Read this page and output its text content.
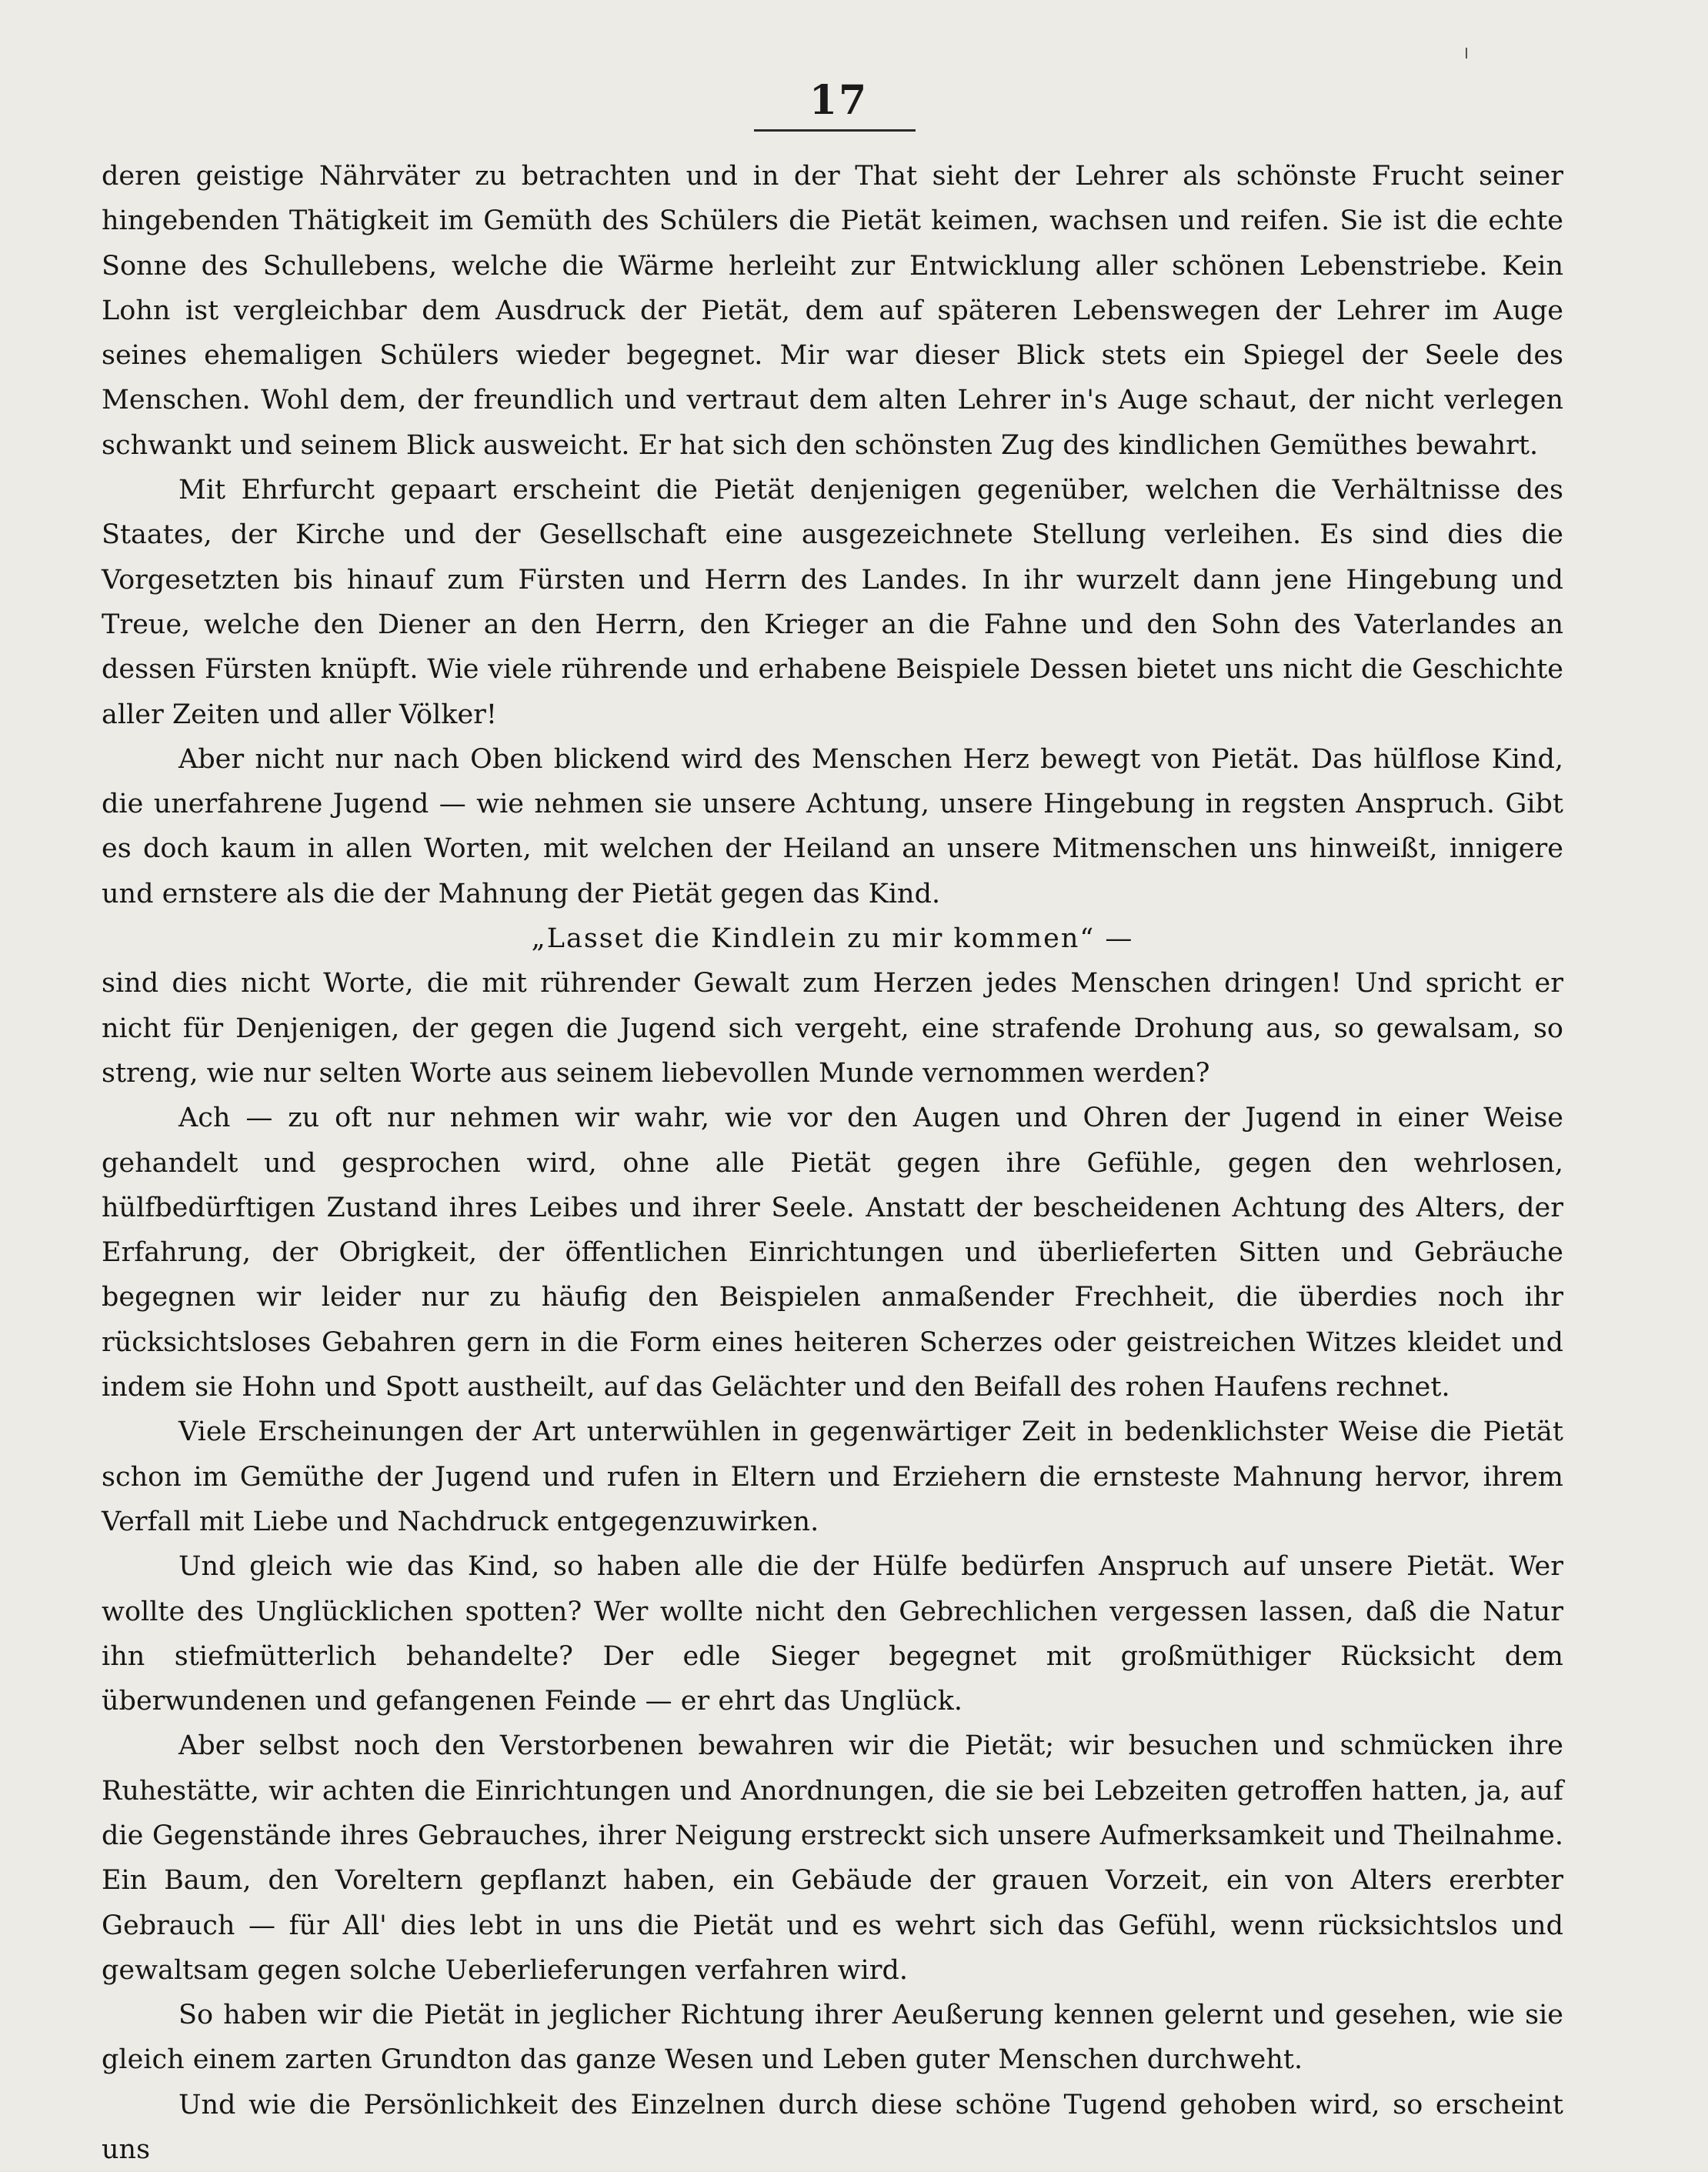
17

deren geistige Nährväter zu betrachten und in der That sieht der Lehrer als schönste Frucht seiner hingebenden Thätigkeit im Gemüth des Schülers die Pietät keimen, wachsen und reifen. Sie ist die echte Sonne des Schullebens, welche die Wärme herleiht zur Entwicklung aller schönen Lebenstriebe. Kein Lohn ist vergleichbar dem Ausdruck der Pietät, dem auf späteren Lebenswegen der Lehrer im Auge seines ehemaligen Schülers wieder begegnet. Mir war dieser Blick stets ein Spiegel der Seele des Menschen. Wohl dem, der freundlich und vertraut dem alten Lehrer in's Auge schaut, der nicht verlegen schwankt und seinem Blick ausweicht. Er hat sich den schönsten Zug des kindlichen Gemüthes bewahrt.

Mit Ehrfurcht gepaart erscheint die Pietät denjenigen gegenüber, welchen die Verhältnisse des Staates, der Kirche und der Gesellschaft eine ausgezeichnete Stellung verleihen. Es sind dies die Vorgesetzten bis hinauf zum Fürsten und Herrn des Landes. In ihr wurzelt dann jene Hingebung und Treue, welche den Diener an den Herrn, den Krieger an die Fahne und den Sohn des Vaterlandes an dessen Fürsten knüpft. Wie viele rührende und erhabene Beispiele Dessen bietet uns nicht die Geschichte aller Zeiten und aller Völker!

Aber nicht nur nach Oben blickend wird des Menschen Herz bewegt von Pietät. Das hülflose Kind, die unerfahrene Jugend — wie nehmen sie unsere Achtung, unsere Hingebung in regsten Anspruch. Gibt es doch kaum in allen Worten, mit welchen der Heiland an unsere Mitmenschen uns hinweißt, innigere und ernstere als die der Mahnung der Pietät gegen das Kind.

„Lasset die Kindlein zu mir kommen“ —

sind dies nicht Worte, die mit rührender Gewalt zum Herzen jedes Menschen dringen! Und spricht er nicht für Denjenigen, der gegen die Jugend sich vergeht, eine strafende Drohung aus, so gewalsam, so streng, wie nur selten Worte aus seinem liebevollen Munde vernommen werden?

Ach — zu oft nur nehmen wir wahr, wie vor den Augen und Ohren der Jugend in einer Weise gehandelt und gesprochen wird, ohne alle Pietät gegen ihre Gefühle, gegen den wehrlosen, hülfbedürftigen Zustand ihres Leibes und ihrer Seele. Anstatt der bescheidenen Achtung des Alters, der Erfahrung, der Obrigkeit, der öffentlichen Einrichtungen und überlieferten Sitten und Gebräuche begegnen wir leider nur zu häufig den Beispielen anmaßender Frechheit, die überdies noch ihr rücksichtsloses Gebahren gern in die Form eines heiteren Scherzes oder geistreichen Witzes kleidet und indem sie Hohn und Spott austheilt, auf das Gelächter und den Beifall des rohen Haufens rechnet.

Viele Erscheinungen der Art unterwühlen in gegenwärtiger Zeit in bedenklichster Weise die Pietät schon im Gemüthe der Jugend und rufen in Eltern und Erziehern die ernsteste Mahnung hervor, ihrem Verfall mit Liebe und Nachdruck entgegenzuwirken.

Und gleich wie das Kind, so haben alle die der Hülfe bedürfen Anspruch auf unsere Pietät. Wer wollte des Unglücklichen spotten? Wer wollte nicht den Gebrechlichen vergessen lassen, daß die Natur ihn stiefmütterlich behandelte? Der edle Sieger begegnet mit großmüthiger Rücksicht dem überwundenen und gefangenen Feinde — er ehrt das Unglück.

Aber selbst noch den Verstorbenen bewahren wir die Pietät; wir besuchen und schmücken ihre Ruhestätte, wir achten die Einrichtungen und Anordnungen, die sie bei Lebzeiten getroffen hatten, ja, auf die Gegenstände ihres Gebrauches, ihrer Neigung erstreckt sich unsere Aufmerksamkeit und Theilnahme. Ein Baum, den Voreltern gepflanzt haben, ein Gebäude der grauen Vorzeit, ein von Alters ererbter Gebrauch — für All' dies lebt in uns die Pietät und es wehrt sich das Gefühl, wenn rücksichtslos und gewaltsam gegen solche Ueberlieferungen verfahren wird.

So haben wir die Pietät in jeglicher Richtung ihrer Aeußerung kennen gelernt und gesehen, wie sie gleich einem zarten Grundton das ganze Wesen und Leben guter Menschen durchweht.

Und wie die Persönlichkeit des Einzelnen durch diese schöne Tugend gehoben wird, so erscheint uns
